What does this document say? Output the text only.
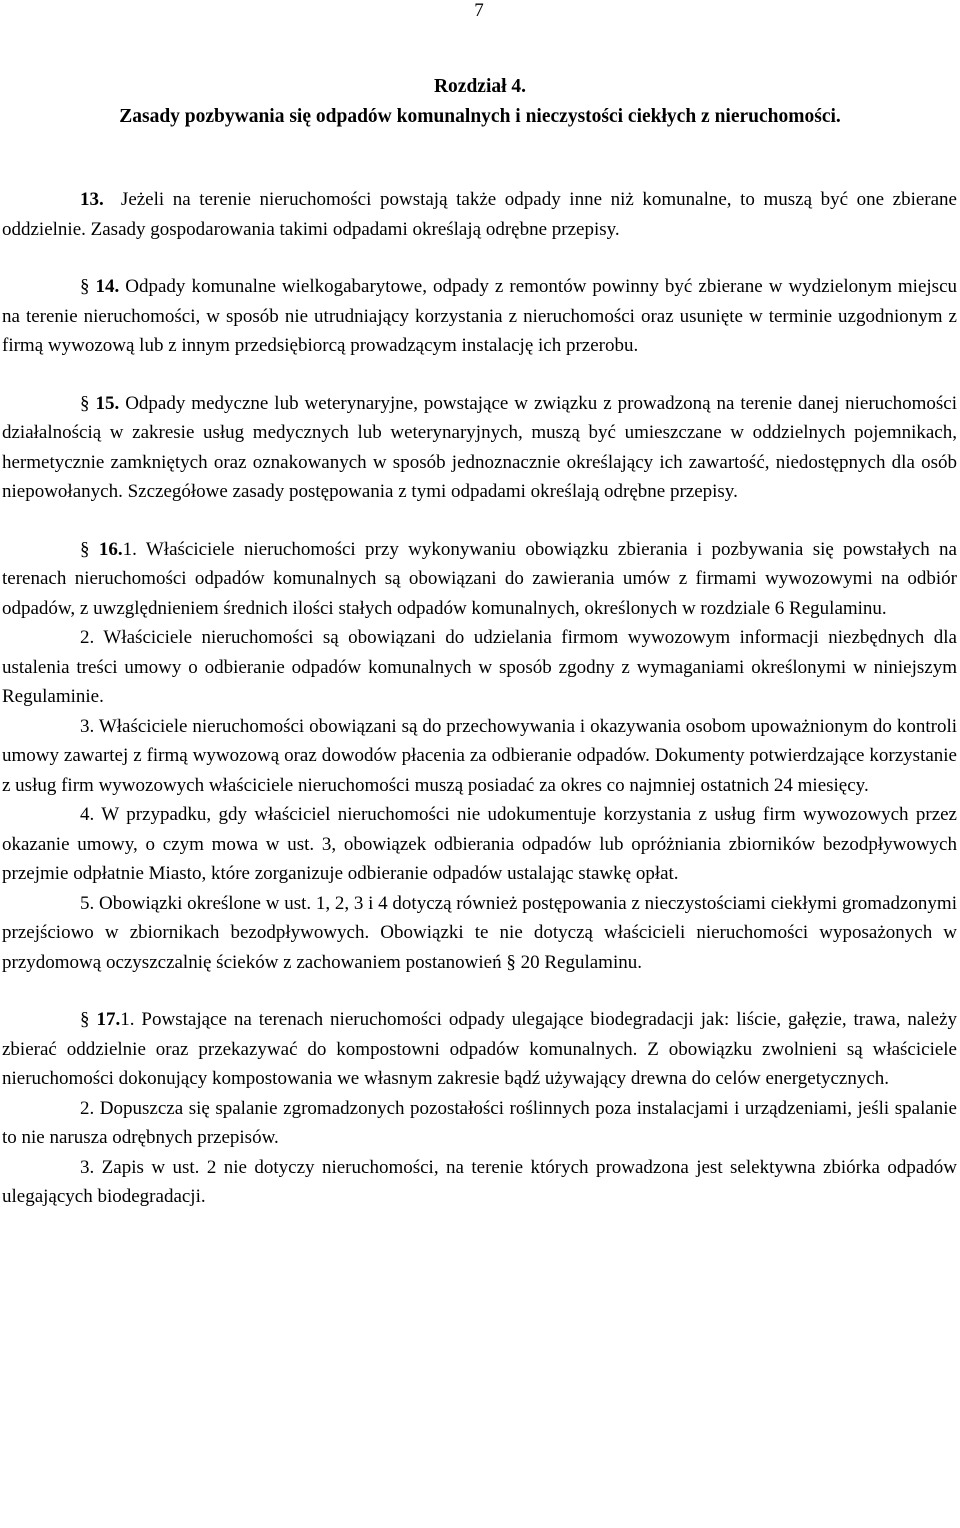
7
Rozdział 4.
Zasady pozbywania się odpadów komunalnych i nieczystości ciekłych z nieruchomości.

13. Jeżeli na terenie nieruchomości powstają także odpady inne niż komunalne, to muszą być one zbierane oddzielnie. Zasady gospodarowania takimi odpadami określają odrębne przepisy.

§ 14. Odpady komunalne wielkogabarytowe, odpady z remontów powinny być zbierane w wydzielonym miejscu na terenie nieruchomości, w sposób nie utrudniający korzystania z nieruchomości oraz usunięte w terminie uzgodnionym z firmą wywozową lub z innym przedsiębiorcą prowadzącym instalację ich przerobu.

§ 15. Odpady medyczne lub weterynaryjne, powstające w związku z prowadzoną na terenie danej nieruchomości działalnością w zakresie usług medycznych lub weterynaryjnych, muszą być umieszczane w oddzielnych pojemnikach, hermetycznie zamkniętych oraz oznakowanych w sposób jednoznacznie określający ich zawartość, niedostępnych dla osób niepowołanych. Szczegółowe zasady postępowania z tymi odpadami określają odrębne przepisy.

§ 16.1. Właściciele nieruchomości przy wykonywaniu obowiązku zbierania i pozbywania się powstałych na terenach nieruchomości odpadów komunalnych są obowiązani do zawierania umów z firmami wywozowymi na odbiór odpadów, z uwzględnieniem średnich ilości stałych odpadów komunalnych, określonych w rozdziale 6 Regulaminu.

2. Właściciele nieruchomości są obowiązani do udzielania firmom wywozowym informacji niezbędnych dla ustalenia treści umowy o odbieranie odpadów komunalnych w sposób zgodny z wymaganiami określonymi w niniejszym Regulaminie.

3. Właściciele nieruchomości obowiązani są do przechowywania i okazywania osobom upoważnionym do kontroli umowy zawartej z firmą wywozową oraz dowodów płacenia za odbieranie odpadów. Dokumenty potwierdzające korzystanie z usług firm wywozowych właściciele nieruchomości muszą posiadać za okres co najmniej ostatnich 24 miesięcy.

4. W przypadku, gdy właściciel nieruchomości nie udokumentuje korzystania z usług firm wywozowych przez okazanie umowy, o czym mowa w ust. 3, obowiązek odbierania odpadów lub opróżniania zbiorników bezodpływowych przejmie odpłatnie Miasto, które zorganizuje odbieranie odpadów ustalając stawkę opłat.

5. Obowiązki określone w ust. 1, 2, 3 i 4 dotyczą również postępowania z nieczystościami ciekłymi gromadzonymi przejściowo w zbiornikach bezodpływowych. Obowiązki te nie dotyczą właścicieli nieruchomości wyposażonych w przydomową oczyszczalnię ścieków z zachowaniem postanowień § 20 Regulaminu.

§ 17.1. Powstające na terenach nieruchomości odpady ulegające biodegradacji jak: liście, gałęzie, trawa, należy zbierać oddzielnie oraz przekazywać do kompostowni odpadów komunalnych. Z obowiązku zwolnieni są właściciele nieruchomości dokonujący kompostowania we własnym zakresie bądź używający drewna do celów energetycznych.

2. Dopuszcza się spalanie zgromadzonych pozostałości roślinnych poza instalacjami i urządzeniami, jeśli spalanie to nie narusza odrębnych przepisów.

3. Zapis w ust. 2 nie dotyczy nieruchomości, na terenie których prowadzona jest selektywna zbiórka odpadów ulegających biodegradacji.
